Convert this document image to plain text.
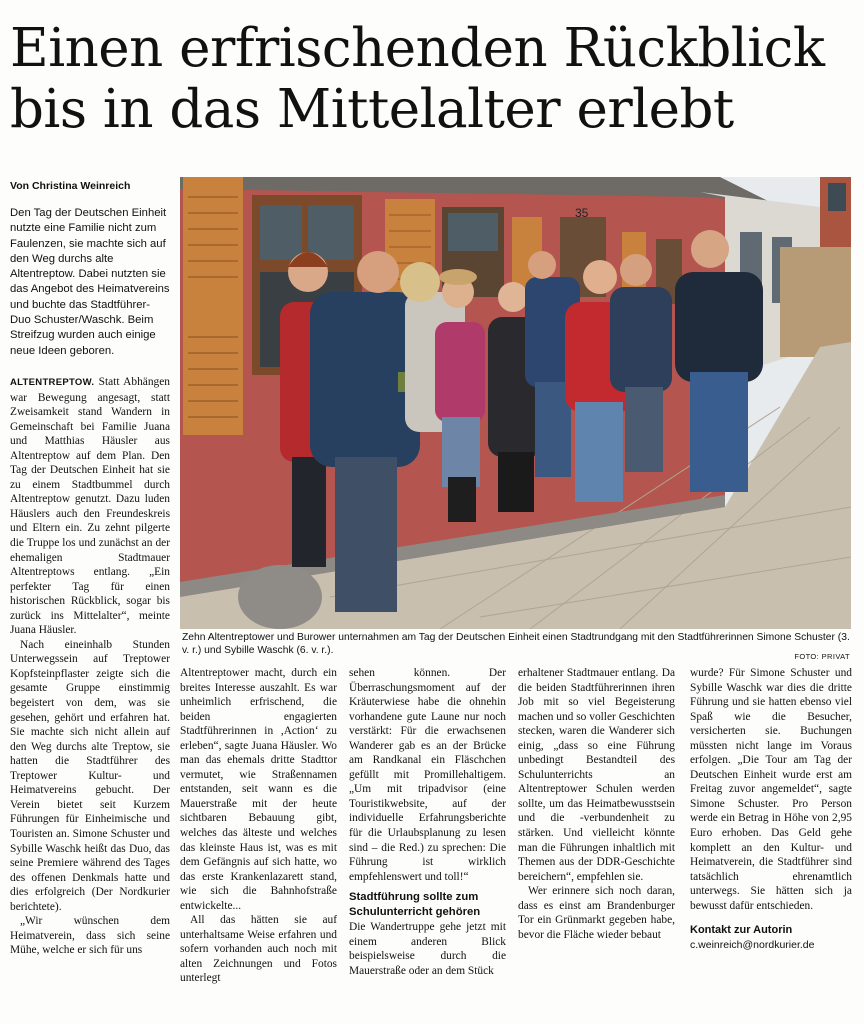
Einen erfrischenden Rückblick
bis in das Mittelalter erlebt
Von Christina Weinreich

Den Tag der Deutschen Einheit nutzte eine Familie nicht zum Faulenzen, sie machte sich auf den Weg durchs alte Altentreptow. Dabei nutzten sie das Angebot des Heimatvereins und buchte das Stadtführer-Duo Schuster/Waschk. Beim Streifzug wurden auch einige neue Ideen geboren.

35
Zehn Altentreptower und Burower unternahmen am Tag der Deutschen Einheit einen Stadtrundgang mit den Stadtführerinnen Simone Schuster (3. v. r.) und Sybille Waschk (6. v. r.).
FOTO: PRIVAT

ALTENTREPTOW. Statt Abhängen war Bewegung angesagt, statt Zweisamkeit stand Wandern in Gemeinschaft bei Familie Juana und Matthias Häusler aus Altentreptow auf dem Plan. Den Tag der Deutschen Einheit hat sie zu einem Stadtbummel durch Altentreptow genutzt. Dazu luden Häuslers auch den Freundeskreis und Eltern ein. Zu zehnt pilgerte die Truppe los und zunächst an der ehemaligen Stadtmauer Altentreptows entlang. „Ein perfekter Tag für einen historischen Rückblick, sogar bis zurück ins Mittelalter“, meinte Juana Häusler.

Nach eineinhalb Stunden Unterwegssein auf Treptower Kopfsteinpflaster zeigte sich die gesamte Gruppe einstimmig begeistert von dem, was sie gesehen, gehört und erfahren hat. Sie machte sich nicht allein auf den Weg durchs alte Treptow, sie hatten die Stadtführer des Treptower Kultur- und Heimatvereins gebucht. Der Verein bietet seit Kurzem Führungen für Einheimische und Touristen an. Simone Schuster und Sybille Waschk heißt das Duo, das seine Premiere während des Tages des offenen Denkmals hatte und dies erfolgreich (Der Nordkurier berichtete).

„Wir wünschen dem Heimatverein, dass sich seine Mühe, welche er sich für uns

Altentreptower macht, durch ein breites Interesse auszahlt. Es war unheimlich erfrischend, die beiden engagierten Stadtführerinnen in ,Action‘ zu erleben“, sagte Juana Häusler. Wo man das ehemals dritte Stadttor vermutet, wie Straßennamen entstanden, seit wann es die Mauerstraße mit der heute sichtbaren Bebauung gibt, welches das älteste und welches das kleinste Haus ist, was es mit dem Gefängnis auf sich hatte, wo das erste Krankenlazarett stand, wie sich die Bahnhofstraße entwickelte...

All das hätten sie auf unterhaltsame Weise erfahren und sofern vorhanden auch noch mit alten Zeichnungen und Fotos unterlegt

sehen können. Der Überraschungsmoment auf der Kräuterwiese habe die ohnehin vorhandene gute Laune nur noch verstärkt: Für die erwachsenen Wanderer gab es an der Brücke am Randkanal ein Fläschchen gefüllt mit Promillehaltigem. „Um mit tripadvisor (eine Touristikwebsite, auf der individuelle Erfahrungsberichte für die Urlaubsplanung zu lesen sind – die Red.) zu sprechen: Die Führung ist wirklich empfehlenswert und toll!“

Stadtführung sollte zum Schulunterricht gehören

Die Wandertruppe gehe jetzt mit einem anderen Blick beispielsweise durch die Mauerstraße oder an dem Stück

erhaltener Stadtmauer entlang. Da die beiden Stadtführerinnen ihren Job mit so viel Begeisterung machen und so voller Geschichten stecken, waren die Wanderer sich einig, „dass so eine Führung unbedingt Bestandteil des Schulunterrichts an Altentreptower Schulen werden sollte, um das Heimatbewusstsein und die -verbundenheit zu stärken. Und vielleicht könnte man die Führungen inhaltlich mit Themen aus der DDR-Geschichte bereichern“, empfehlen sie.

Wer erinnere sich noch daran, dass es einst am Brandenburger Tor ein Grünmarkt gegeben habe, bevor die Fläche wieder bebaut

wurde? Für Simone Schuster und Sybille Waschk war dies die dritte Führung und sie hatten ebenso viel Spaß wie die Besucher, versicherten sie. Buchungen müssten nicht lange im Voraus erfolgen. „Die Tour am Tag der Deutschen Einheit wurde erst am Freitag zuvor angemeldet“, sagte Simone Schuster. Pro Person werde ein Betrag in Höhe von 2,95 Euro erhoben. Das Geld gehe komplett an den Kultur- und Heimatverein, die Stadtführer sind tatsächlich ehrenamtlich unterwegs. Sie hätten sich ja bewusst dafür entschieden.

Kontakt zur Autorin
c.weinreich@nordkurier.de
